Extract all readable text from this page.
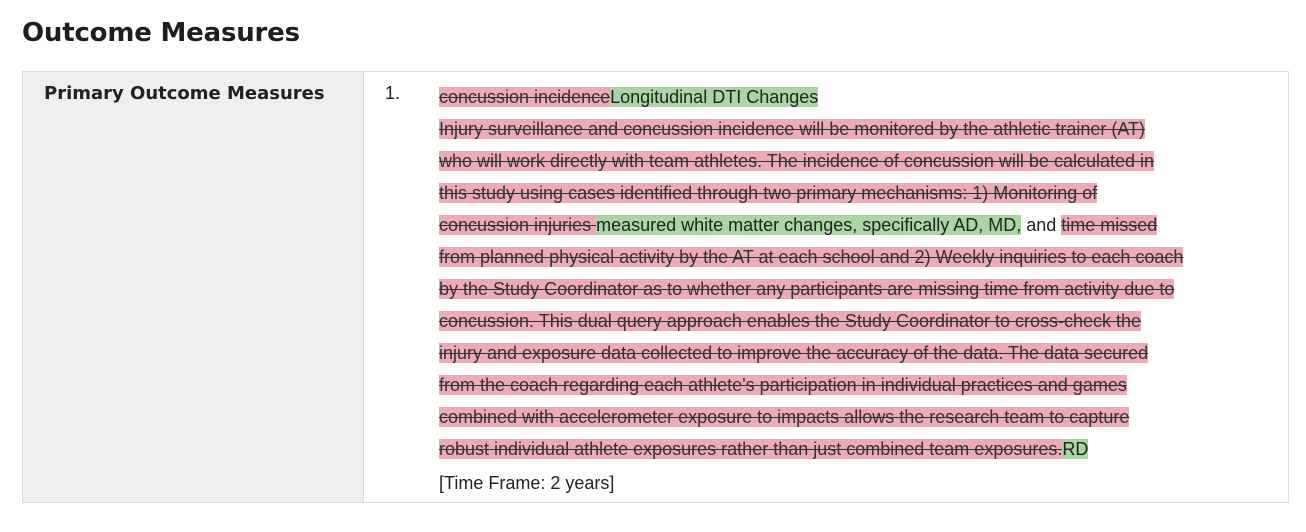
Outcome Measures
Primary Outcome Measures	1. concussion incidenceLongitudinal DTI Changes
Injury surveillance and concussion incidence will be monitored by the athletic trainer (AT)
who will work directly with team athletes. The incidence of concussion will be calculated in
this study using cases identified through two primary mechanisms: 1) Monitoring of
concussion injuries measured white matter changes, specifically AD, MD, and time missed
from planned physical activity by the AT at each school and 2) Weekly inquiries to each coach
by the Study Coordinator as to whether any participants are missing time from activity due to
concussion. This dual query approach enables the Study Coordinator to cross-check the
injury and exposure data collected to improve the accuracy of the data. The data secured
from the coach regarding each athlete's participation in individual practices and games
combined with accelerometer exposure to impacts allows the research team to capture
robust individual athlete exposures rather than just combined team exposures.RD
[Time Frame: 2 years]
